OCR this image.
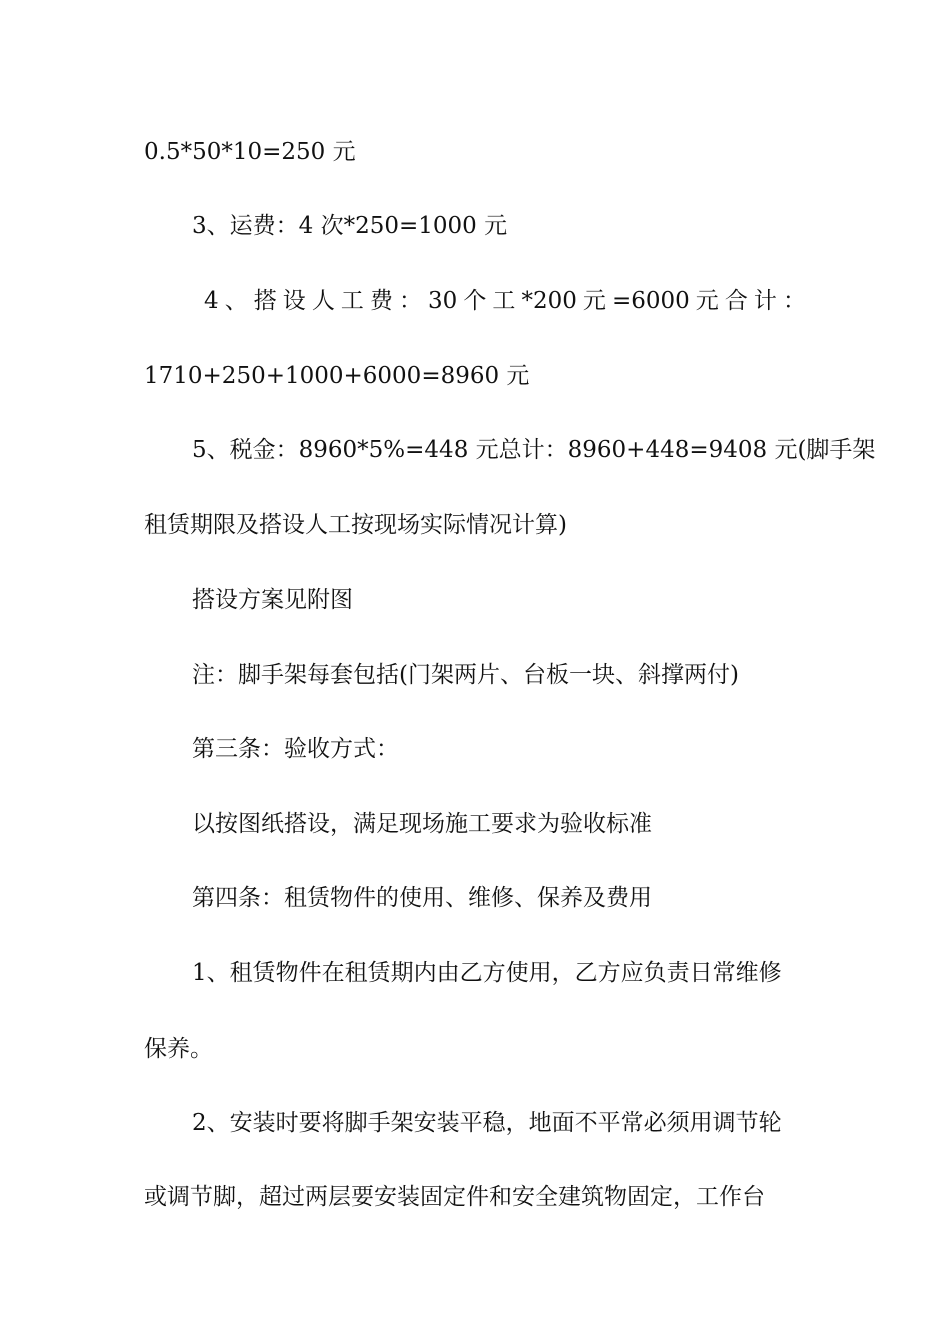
0.5*50*10=250 元
3、运费：4 次*250=1000 元
4 、 搭 设 人 工 费 ： 30 个 工 *200 元 =6000 元 合 计 ：
1710+250+1000+6000=8960 元
5、税金：8960*5%=448 元总计：8960+448=9408 元(脚手架
租赁期限及搭设人工按现场实际情况计算)
搭设方案见附图
注：脚手架每套包括(门架两片、台板一块、斜撑两付)
第三条：验收方式：
以按图纸搭设，满足现场施工要求为验收标准
第四条：租赁物件的使用、维修、保养及费用
1、租赁物件在租赁期内由乙方使用，乙方应负责日常维修
保养。
2、安装时要将脚手架安装平稳，地面不平常必须用调节轮
或调节脚，超过两层要安装固定件和安全建筑物固定，工作台
